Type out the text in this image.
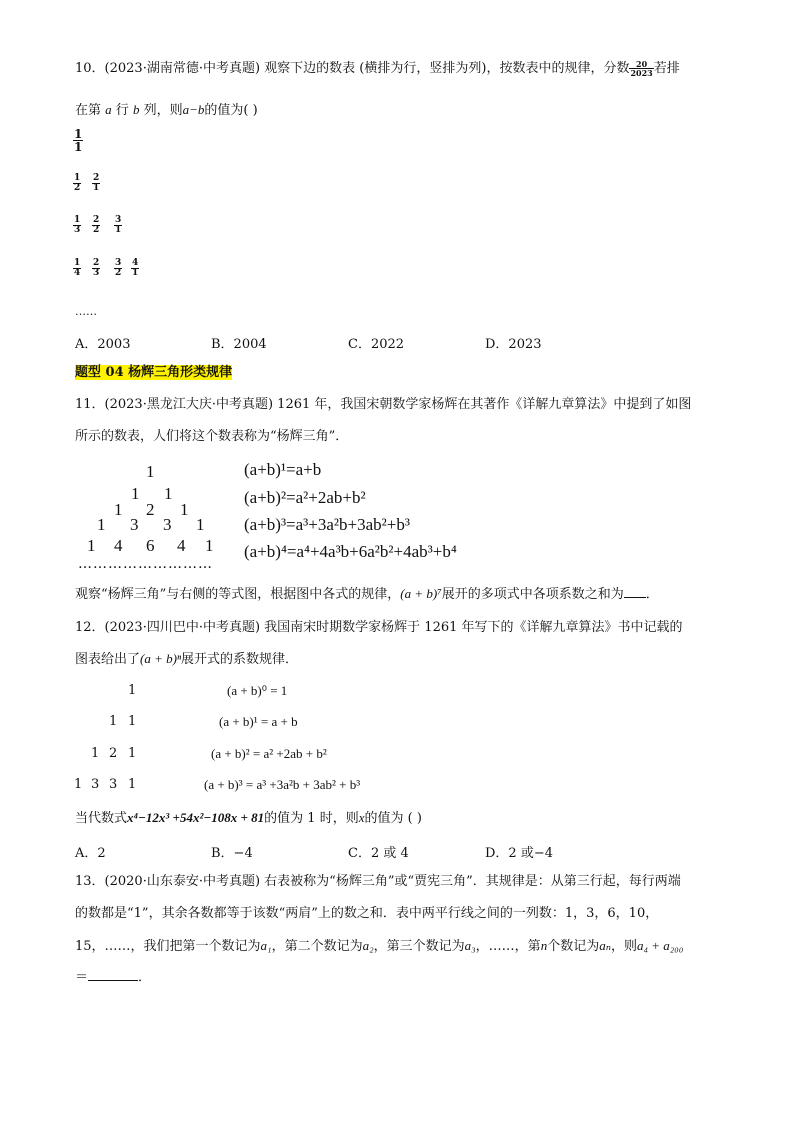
10．(2023·湖南常德·中考真题) 观察下边的数表 (横排为行，竖排为列)，按数表中的规律，分数 $\frac{20}{2023}$ 若排
在第 a 行 b 列，则a−b的值为( )
$\frac{1}{1}$
$\frac{1}{2} \frac{2}{1}$
$\frac{1}{3} \frac{2}{2} \frac{3}{1}$
$\frac{1}{4} \frac{2}{3} \frac{3}{2} \frac{4}{1}$
……
A．2003	B．2004	C．2022	D．2023
题型 04 杨辉三角形类规律
11．(2023·黑龙江大庆·中考真题) 1261 年，我国宋朝数学家杨辉在其著作《详解九章算法》中提到了如图
所示的数表，人们将这个数表称为“杨辉三角”．
1
1 1
1 2 1
1 3 3 1
1 4 6 4 1
………………………
(a+b)¹=a+b
(a+b)²=a²+2ab+b²
(a+b)³=a³+3a²b+3ab²+b³
(a+b)⁴=a⁴+4a³b+6a²b²+4ab³+b⁴
观察“杨辉三角”与右侧的等式图，根据图中各式的规律，(a + b)⁷展开的多项式中各项系数之和为 ．
12．(2023·四川巴中·中考真题) 我国南宋时期数学家杨辉于 1261 年写下的《详解九章算法》书中记载的
图表给出了(a + b)ⁿ展开式的系数规律．
1
1 1
1 2 1
1 3 3 1
(a + b)⁰ = 1
(a + b)¹ = a + b
(a + b)² = a² +2ab + b²
(a + b)³ = a³ +3a²b + 3ab² + b³
当代数式x⁴−12x³ +54x²−108x + 81的值为 1 时，则x的值为 ( )
A．2	B．−4	C．2 或 4	D．2 或−4
13．(2020·山东泰安·中考真题) 右表被称为“杨辉三角”或“贾宪三角”．其规律是：从第三行起，每行两端
的数都是“1”，其余各数都等于该数“两肩”上的数之和．表中两平行线之间的一列数：1，3，6，10，
15，……，我们把第一个数记为a₁，第二个数记为a₂，第三个数记为a₃，……，第n个数记为aₙ，则a₄ + a₂₀₀
＝	．
